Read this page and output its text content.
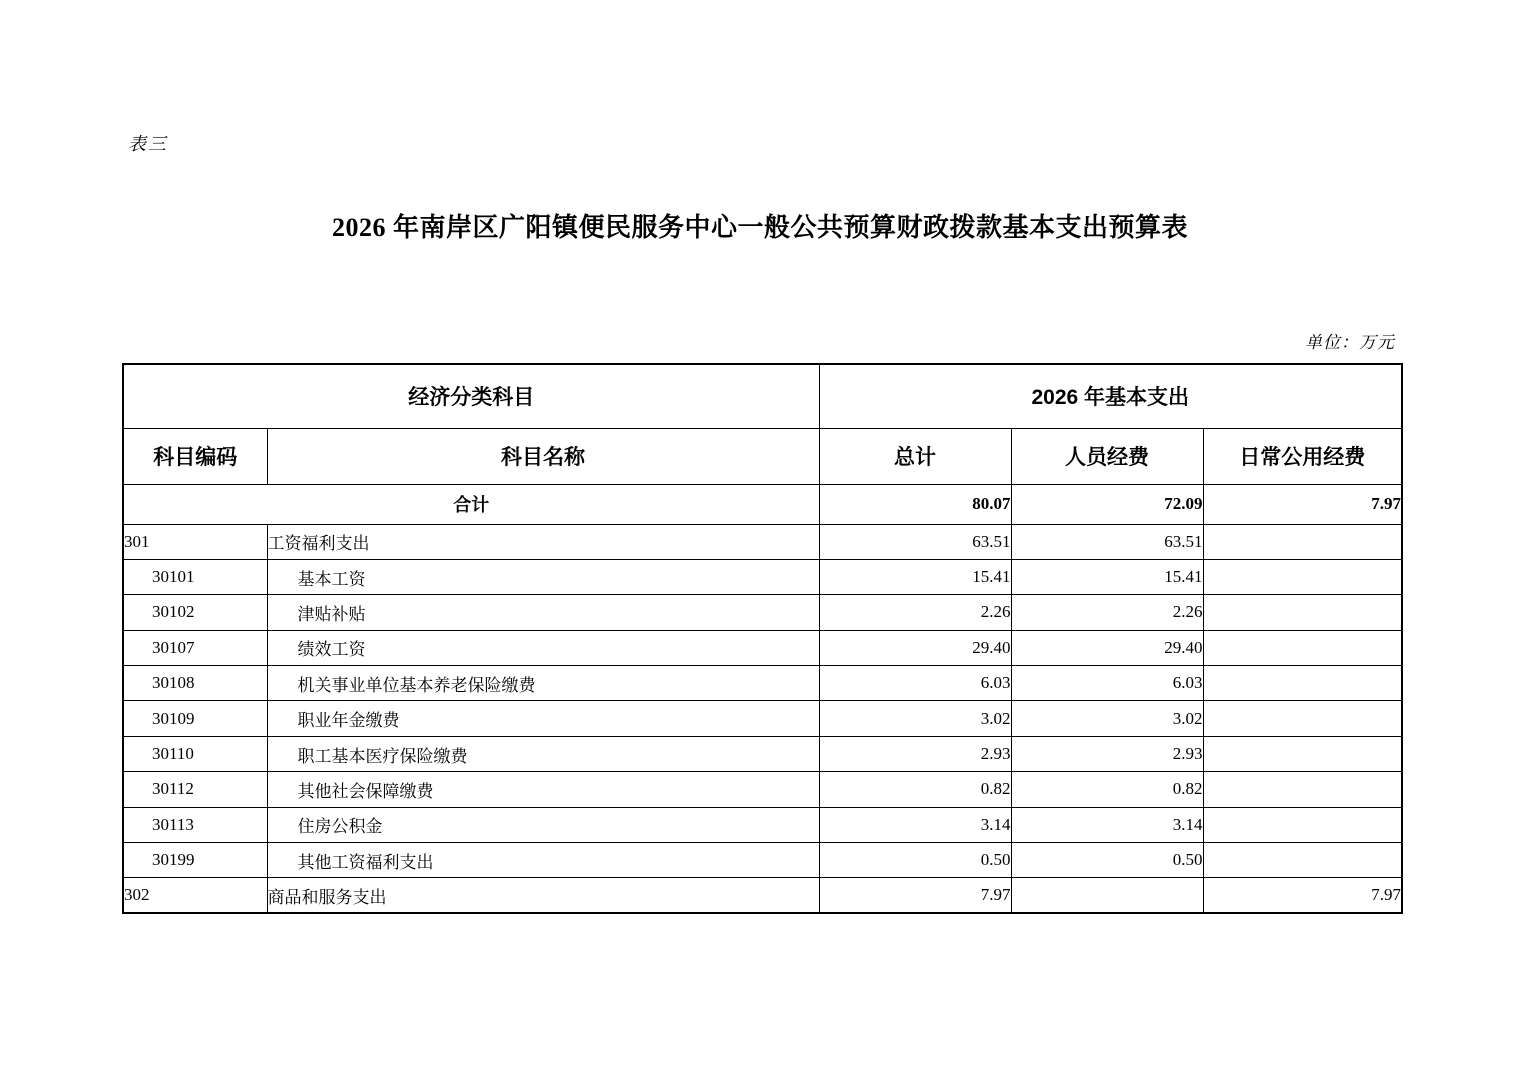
表三
2026 年南岸区广阳镇便民服务中心一般公共预算财政拨款基本支出预算表
单位：万元
经济分类科目		2026 年基本支出		
科目编码	科目名称	总计	人员经费	日常公用经费
合计		80.07	72.09	7.97
301	工资福利支出	63.51	63.51	
30101	基本工资	15.41	15.41	
30102	津贴补贴	2.26	2.26	
30107	绩效工资	29.40	29.40	
30108	机关事业单位基本养老保险缴费	6.03	6.03	
30109	职业年金缴费	3.02	3.02	
30110	职工基本医疗保险缴费	2.93	2.93	
30112	其他社会保障缴费	0.82	0.82	
30113	住房公积金	3.14	3.14	
30199	其他工资福利支出	0.50	0.50	
302	商品和服务支出	7.97		7.97
